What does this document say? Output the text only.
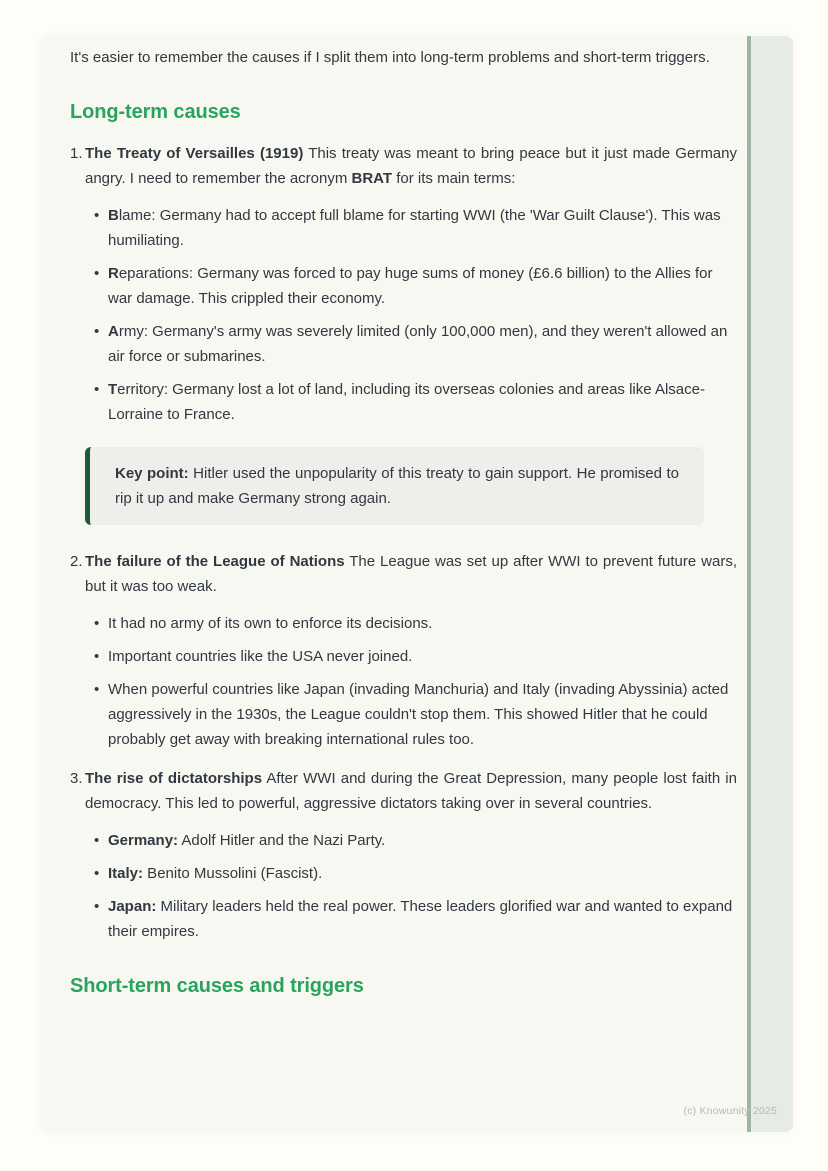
It's easier to remember the causes if I split them into long-term problems and short-term triggers.

Long-term causes
1. The Treaty of Versailles (1919) This treaty was meant to bring peace but it just made Germany angry. I need to remember the acronym BRAT for its main terms:

• Blame: Germany had to accept full blame for starting WWI (the 'War Guilt Clause'). This was humiliating.
• Reparations: Germany was forced to pay huge sums of money (£6.6 billion) to the Allies for war damage. This crippled their economy.
• Army: Germany's army was severely limited (only 100,000 men), and they weren't allowed an air force or submarines.
• Territory: Germany lost a lot of land, including its overseas colonies and areas like Alsace-Lorraine to France.

Key point: Hitler used the unpopularity of this treaty to gain support. He promised to rip it up and make Germany strong again.

2. The failure of the League of Nations The League was set up after WWI to prevent future wars, but it was too weak.

• It had no army of its own to enforce its decisions.
• Important countries like the USA never joined.
• When powerful countries like Japan (invading Manchuria) and Italy (invading Abyssinia) acted aggressively in the 1930s, the League couldn't stop them. This showed Hitler that he could probably get away with breaking international rules too.
3. The rise of dictatorships After WWI and during the Great Depression, many people lost faith in democracy. This led to powerful, aggressive dictators taking over in several countries.

• Germany: Adolf Hitler and the Nazi Party.
• Italy: Benito Mussolini (Fascist).
• Japan: Military leaders held the real power. These leaders glorified war and wanted to expand their empires.
Short-term causes and triggers
(c) Knowunity 2025
